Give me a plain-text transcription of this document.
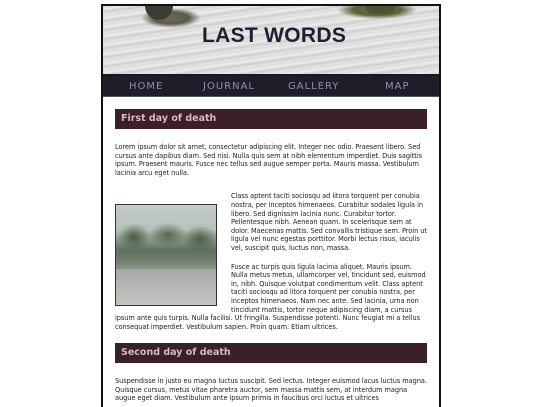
LAST WORDS
HOME	JOURNAL	GALLERY	MAP
First day of death

Lorem ipsum dolor sit amet, consectetur adipiscing elit. Integer nec odio. Praesent libero. Sed cursus ante dapibus diam. Sed nisi. Nulla quis sem at nibh elementum imperdiet. Duis sagittis ipsum. Praesent mauris. Fusce nec tellus sed augue semper porta. Mauris massa. Vestibulum lacinia arcu eget nulla.

Class aptent taciti sociosqu ad litora torquent per conubia nostra, per inceptos himenaeos. Curabitur sodales ligula in libero. Sed dignissim lacinia nunc. Curabitur tortor. Pellentesque nibh. Aenean quam. In scelerisque sem at dolor. Maecenas mattis. Sed convallis tristique sem. Proin ut ligula vel nunc egestas porttitor. Morbi lectus risus, iaculis vel, suscipit quis, luctus non, massa.

Fusce ac turpis quis ligula lacinia aliquet. Mauris ipsum. Nulla metus metus, ullamcorper vel, tincidunt sed, euismod in, nibh. Quisque volutpat condimentum velit. Class aptent taciti sociosqu ad litora torquent per conubia nostra, per inceptos himenaeos. Nam nec ante. Sed lacinia, urna non tincidunt mattis, tortor neque adipiscing diam, a cursus ipsum ante quis turpis. Nulla facilisi. Ut fringilla. Suspendisse potenti. Nunc feugiat mi a tellus consequat imperdiet. Vestibulum sapien. Proin quam. Etiam ultrices.

Second day of death

Suspendisse in justo eu magna luctus suscipit. Sed lectus. Integer euismod lacus luctus magna. Quisque cursus, metus vitae pharetra auctor, sem massa mattis sem, at interdum magna augue eget diam. Vestibulum ante ipsum primis in faucibus orci luctus et ultrices
